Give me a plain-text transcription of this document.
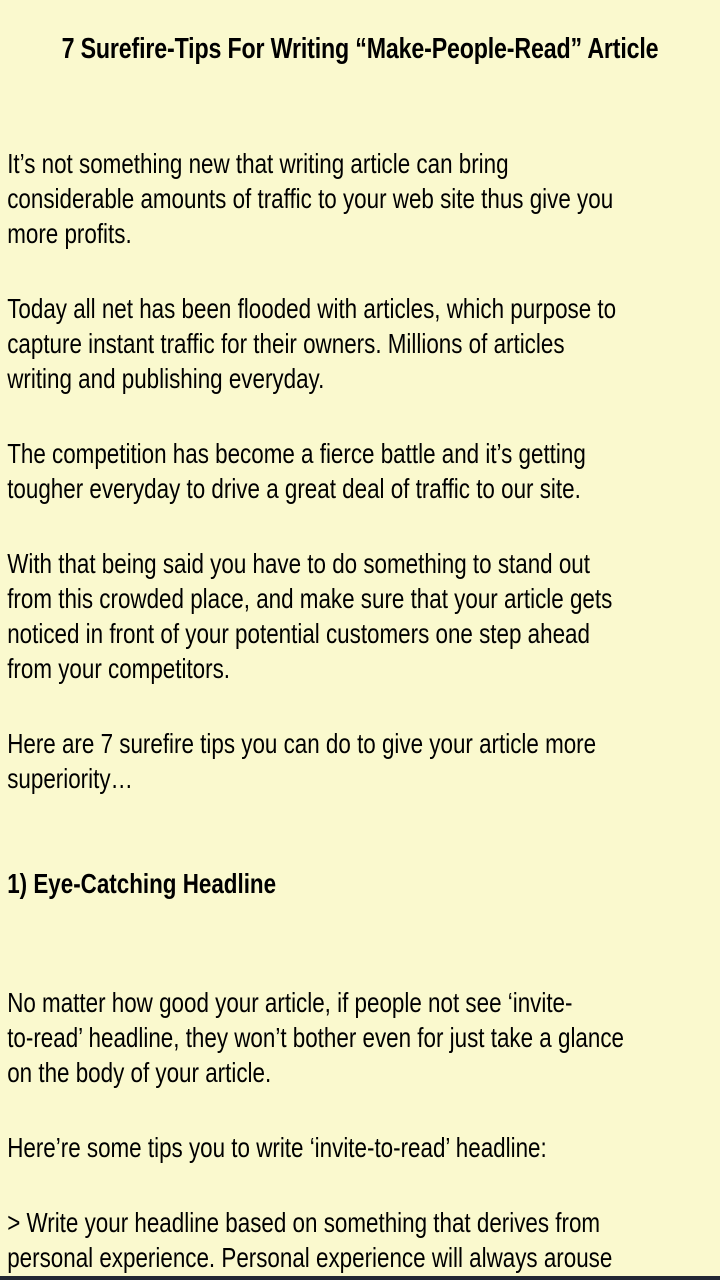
7 Surefire-Tips For Writing “Make-People-Read” Article

It’s not something new that writing article can bring
considerable amounts of traffic to your web site thus give you
more profits.

Today all net has been flooded with articles, which purpose to
capture instant traffic for their owners. Millions of articles
writing and publishing everyday.

The competition has become a fierce battle and it’s getting
tougher everyday to drive a great deal of traffic to our site.

With that being said you have to do something to stand out
from this crowded place, and make sure that your article gets
noticed in front of your potential customers one step ahead
from your competitors.

Here are 7 surefire tips you can do to give your article more
superiority…

1) Eye-Catching Headline

No matter how good your article, if people not see ‘invite-
to-read’ headline, they won’t bother even for just take a glance
on the body of your article.

Here’re some tips you to write ‘invite-to-read’ headline:

> Write your headline based on something that derives from
personal experience. Personal experience will always arouse
